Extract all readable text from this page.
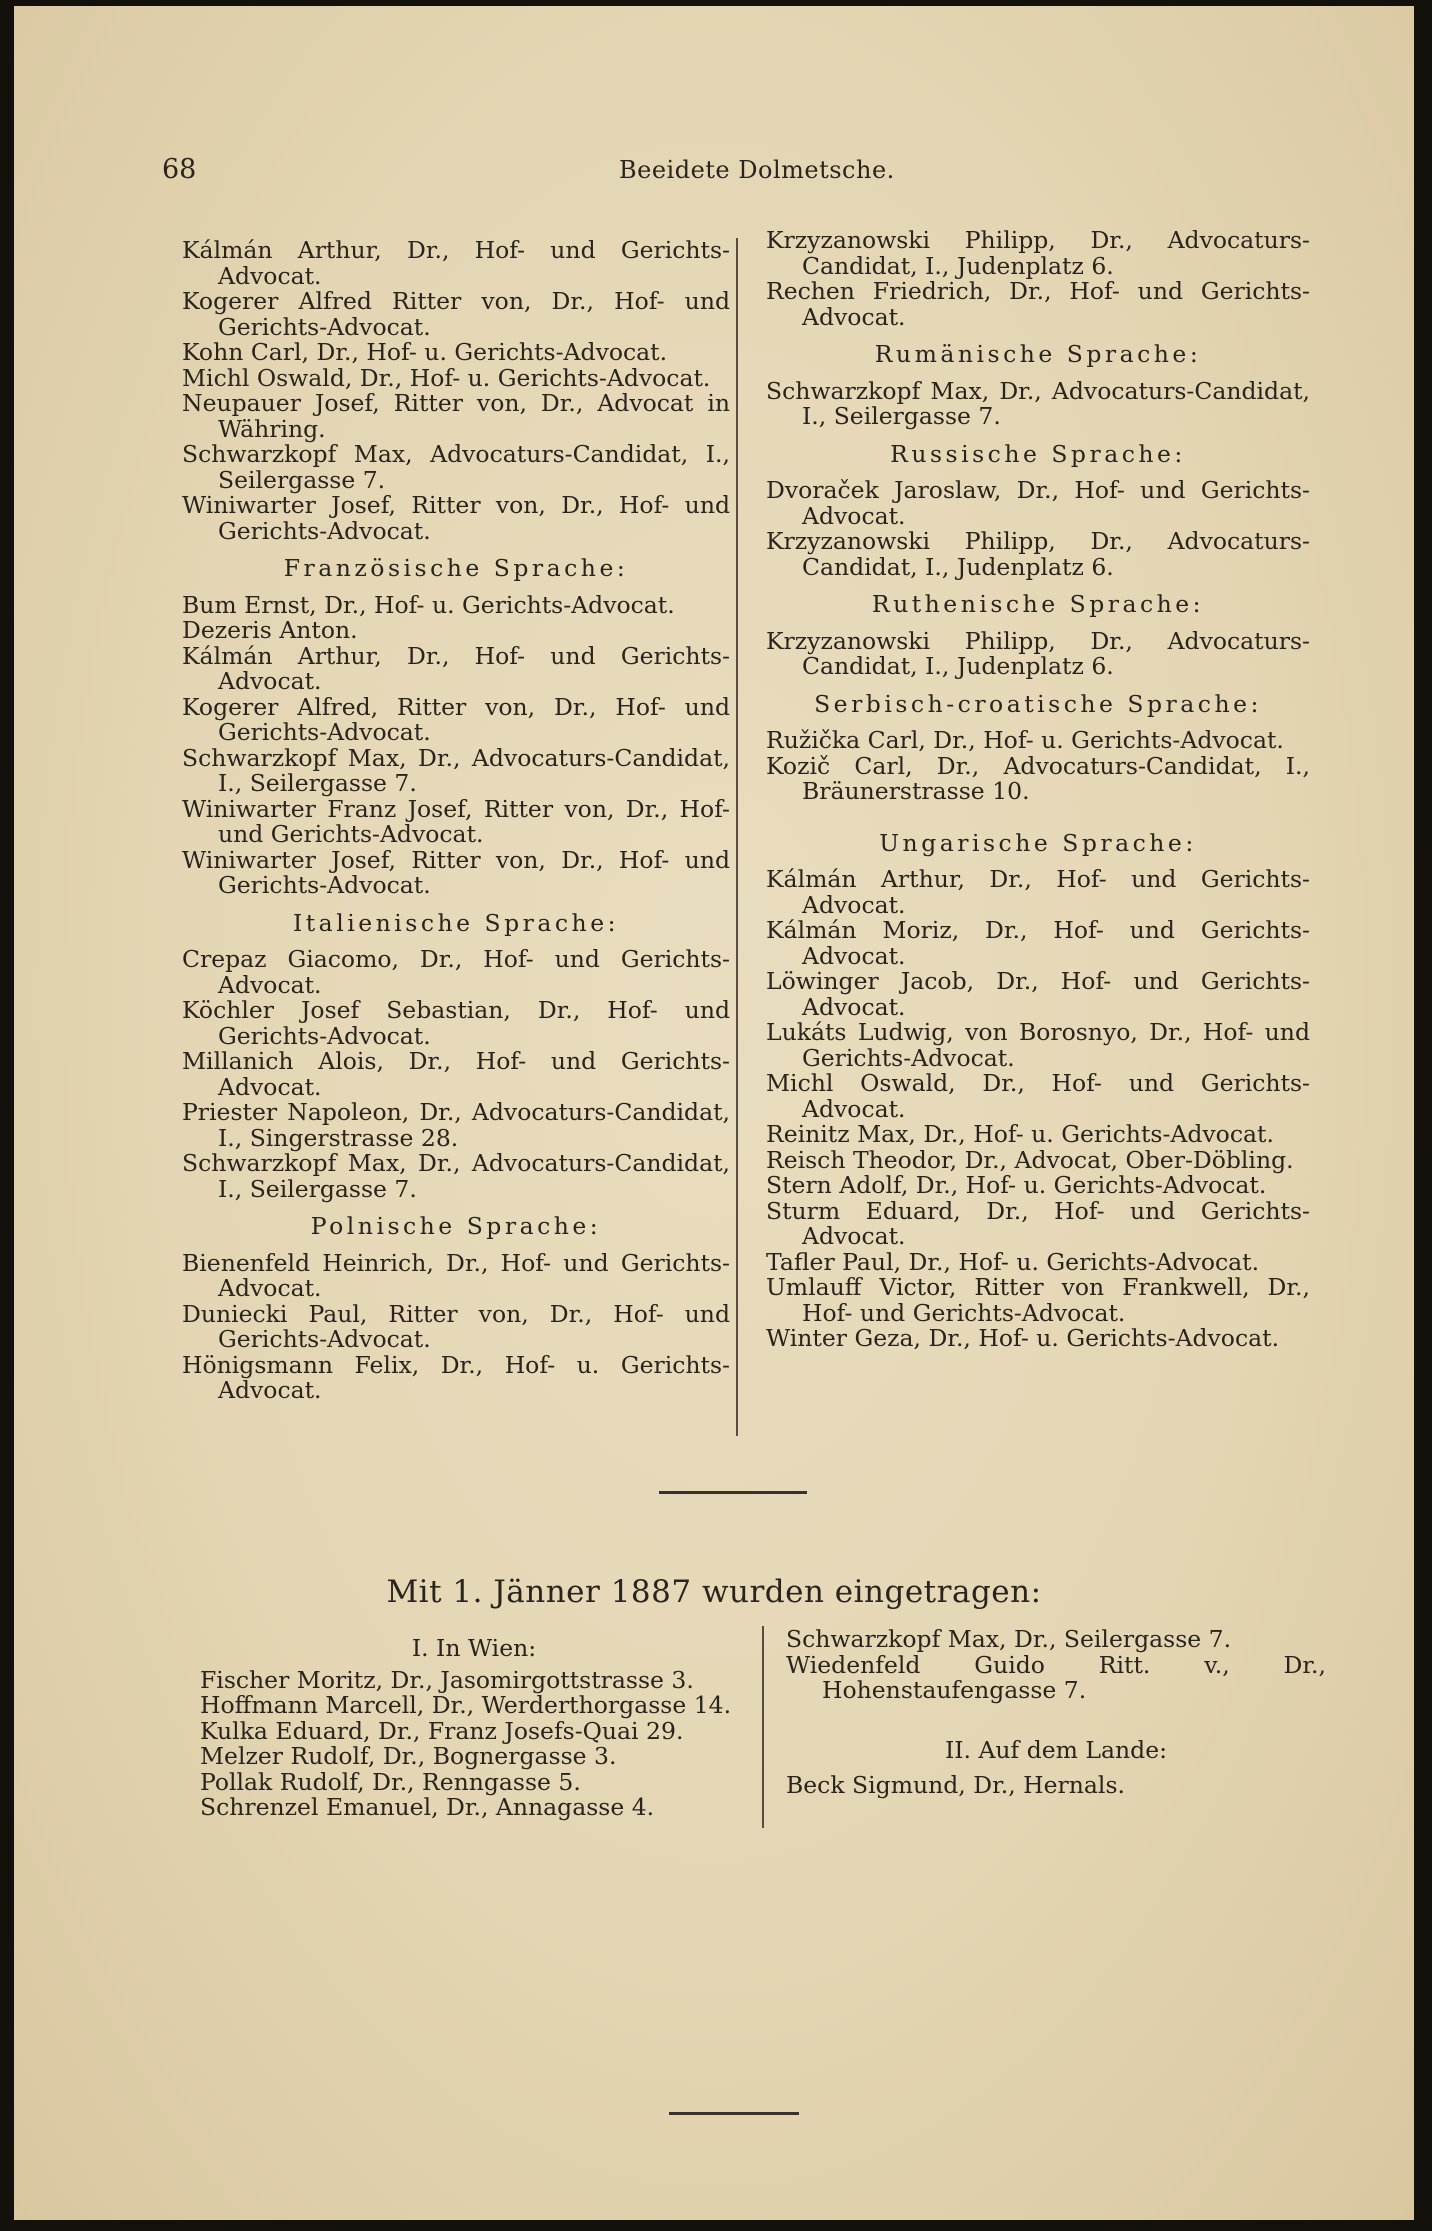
68	Beeidete Dolmetsche.
Kálmán Arthur, Dr., Hof- und Gerichts-Advocat.
Kogerer Alfred Ritter von, Dr., Hof- und Gerichts-Advocat.
Kohn Carl, Dr., Hof- u. Gerichts-Advocat.
Michl Oswald, Dr., Hof- u. Gerichts-Advocat.
Neupauer Josef, Ritter von, Dr., Advocat in Währing.
Schwarzkopf Max, Advocaturs-Candidat, I., Seilergasse 7.
Winiwarter Josef, Ritter von, Dr., Hof- und Gerichts-Advocat.
Französische Sprache:
Bum Ernst, Dr., Hof- u. Gerichts-Advocat.
Dezeris Anton.
Kálmán Arthur, Dr., Hof- und Gerichts-Advocat.
Kogerer Alfred, Ritter von, Dr., Hof- und Gerichts-Advocat.
Schwarzkopf Max, Dr., Advocaturs-Candidat, I., Seilergasse 7.
Winiwarter Franz Josef, Ritter von, Dr., Hof- und Gerichts-Advocat.
Winiwarter Josef, Ritter von, Dr., Hof- und Gerichts-Advocat.
Italienische Sprache:
Crepaz Giacomo, Dr., Hof- und Gerichts-Advocat.
Köchler Josef Sebastian, Dr., Hof- und Gerichts-Advocat.
Millanich Alois, Dr., Hof- und Gerichts-Advocat.
Priester Napoleon, Dr., Advocaturs-Candidat, I., Singerstrasse 28.
Schwarzkopf Max, Dr., Advocaturs-Candidat, I., Seilergasse 7.
Polnische Sprache:
Bienenfeld Heinrich, Dr., Hof- und Gerichts-Advocat.
Duniecki Paul, Ritter von, Dr., Hof- und Gerichts-Advocat.
Hönigsmann Felix, Dr., Hof- u. Gerichts-Advocat.
Krzyzanowski Philipp, Dr., Advocaturs-Candidat, I., Judenplatz 6.
Rechen Friedrich, Dr., Hof- und Gerichts-Advocat.
Rumänische Sprache:
Schwarzkopf Max, Dr., Advocaturs-Candidat, I., Seilergasse 7.
Russische Sprache:
Dvoraček Jaroslaw, Dr., Hof- und Gerichts-Advocat.
Krzyzanowski Philipp, Dr., Advocaturs-Candidat, I., Judenplatz 6.
Ruthenische Sprache:
Krzyzanowski Philipp, Dr., Advocaturs-Candidat, I., Judenplatz 6.
Serbisch-croatische Sprache:
Ružička Carl, Dr., Hof- u. Gerichts-Advocat.
Kozič Carl, Dr., Advocaturs-Candidat, I., Bräunerstrasse 10.
Ungarische Sprache:
Kálmán Arthur, Dr., Hof- und Gerichts-Advocat.
Kálmán Moriz, Dr., Hof- und Gerichts-Advocat.
Löwinger Jacob, Dr., Hof- und Gerichts-Advocat.
Lukáts Ludwig, von Borosnyo, Dr., Hof- und Gerichts-Advocat.
Michl Oswald, Dr., Hof- und Gerichts-Advocat.
Reinitz Max, Dr., Hof- u. Gerichts-Advocat.
Reisch Theodor, Dr., Advocat, Ober-Döbling.
Stern Adolf, Dr., Hof- u. Gerichts-Advocat.
Sturm Eduard, Dr., Hof- und Gerichts-Advocat.
Tafler Paul, Dr., Hof- u. Gerichts-Advocat.
Umlauff Victor, Ritter von Frankwell, Dr., Hof- und Gerichts-Advocat.
Winter Geza, Dr., Hof- u. Gerichts-Advocat.
Mit 1. Jänner 1887 wurden eingetragen:
I. In Wien:
Fischer Moritz, Dr., Jasomirgottstrasse 3.
Hoffmann Marcell, Dr., Werderthorgasse 14.
Kulka Eduard, Dr., Franz Josefs-Quai 29.
Melzer Rudolf, Dr., Bognergasse 3.
Pollak Rudolf, Dr., Renngasse 5.
Schrenzel Emanuel, Dr., Annagasse 4.
Schwarzkopf Max, Dr., Seilergasse 7.
Wiedenfeld Guido Ritt. v., Dr., Hohenstaufengasse 7.
II. Auf dem Lande:
Beck Sigmund, Dr., Hernals.
